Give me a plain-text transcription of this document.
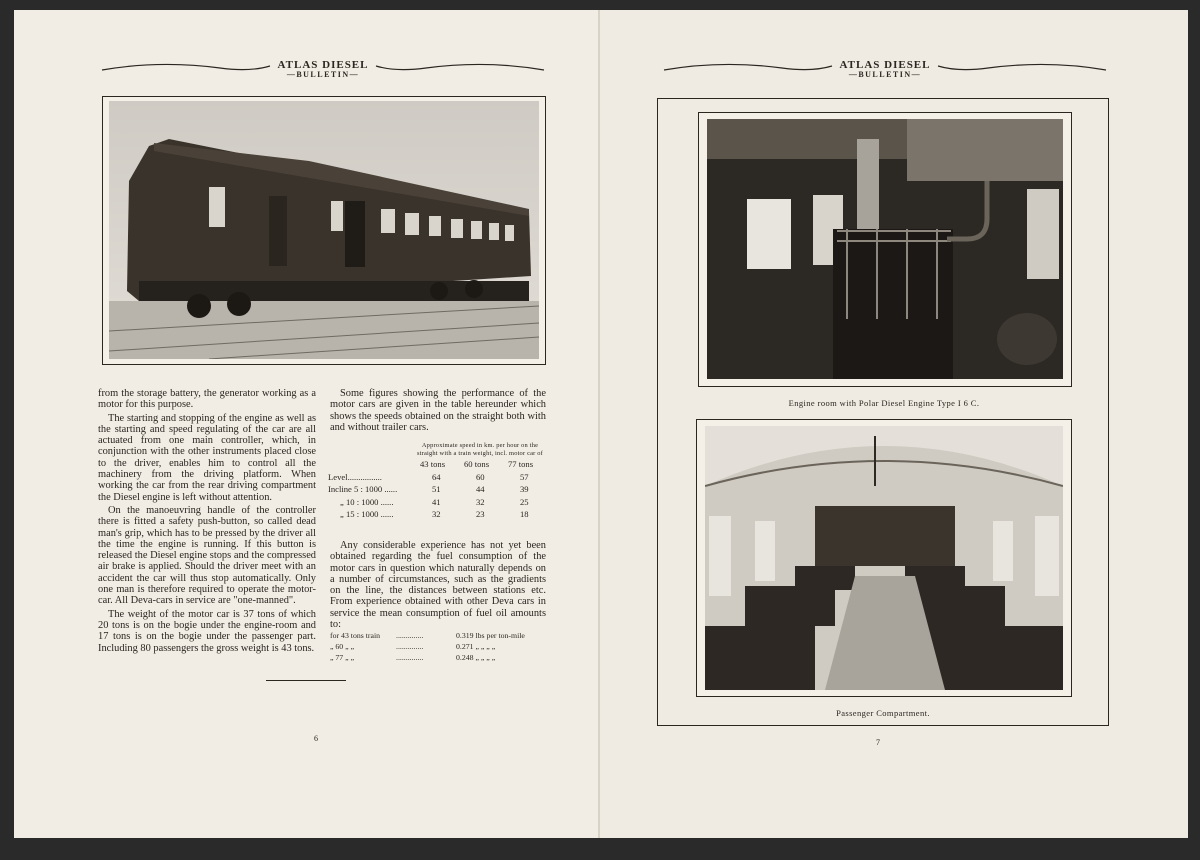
ATLAS DIESEL
—BULLETIN—
ATLAS DIESEL
—BULLETIN—

from the storage battery, the generator working as a motor for this purpose.

The starting and stopping of the engine as well as the starting and speed regulating of the car are all actuated from one main controller, which, in conjunction with the other instruments placed close to the driver, enables him to control all the machinery from the driving platform. When working the car from the rear driving compartment the Diesel engine is left without attention.

On the manoeuvring handle of the controller there is fitted a safety push-button, so called dead man's grip, which has to be pressed by the driver all the time the engine is running. If this button is released the Diesel engine stops and the compressed air brake is applied. Should the driver meet with an accident the car will thus stop automatically. Only one man is therefore required to operate the motor-car. All Deva-cars in service are "one-manned".

The weight of the motor car is 37 tons of which 20 tons is on the bogie under the engine-room and 17 tons is on the bogie under the passenger part. Including 80 passengers the gross weight is 43 tons.

Some figures showing the performance of the motor cars are given in the table hereunder which shows the speeds obtained on the straight both with and without trailer cars.

Approximate speed in km. per hour on the straight with a train weight, incl. motor car of
43 tons 60 tons 77 tons
Level................	64	60	57
Incline 5 : 1000 ......	51	44	39
„ 10 : 1000 ......	41	32	25
„ 15 : 1000 ......	32	23	18

Any considerable experience has not yet been obtained regarding the fuel consumption of the motor cars in question which naturally depends on a number of circumstances, such as the gradients on the line, the distances between stations etc. From experience obtained with other Deva cars in service the mean consumption of fuel oil amounts to:

for 43 tons train ..............	0.319 lbs per ton-mile
„ 60 „ „	..............	0.271 „ „ „ „
„ 77 „ „	..............	0.248 „ „ „ „
6
Engine room with Polar Diesel Engine Type I 6 C.
Passenger Compartment.
7
